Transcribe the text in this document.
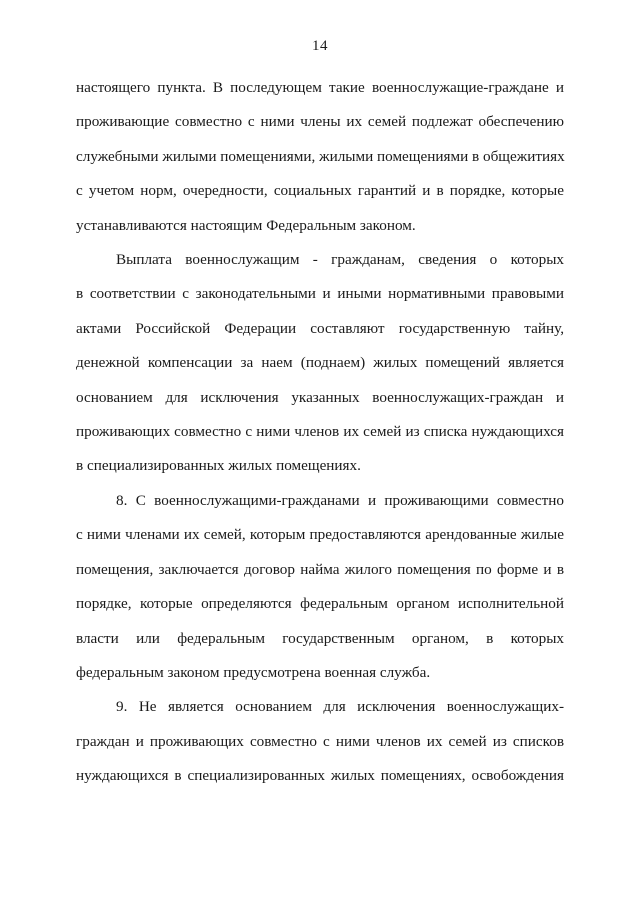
14
настоящего пункта. В последующем такие военнослужащие-граждане и
проживающие совместно с ними члены их семей подлежат обеспечению
служебными жилыми помещениями, жилыми помещениями в общежитиях
с учетом норм, очередности, социальных гарантий и в порядке, которые
устанавливаются настоящим Федеральным законом.
Выплата военнослужащим - гражданам, сведения о которых
в соответствии с законодательными и иными нормативными правовыми
актами Российской Федерации составляют государственную тайну,
денежной компенсации за наем (поднаем) жилых помещений является
основанием для исключения указанных военнослужащих-граждан и
проживающих совместно с ними членов их семей из списка нуждающихся
в специализированных жилых помещениях.
8. С военнослужащими-гражданами и проживающими совместно
с ними членами их семей, которым предоставляются арендованные жилые
помещения, заключается договор найма жилого помещения по форме и в
порядке, которые определяются федеральным органом исполнительной
власти или федеральным государственным органом, в которых
федеральным законом предусмотрена военная служба.
9. Не является основанием для исключения военнослужащих-
граждан и проживающих совместно с ними членов их семей из списков
нуждающихся в специализированных жилых помещениях, освобождения
